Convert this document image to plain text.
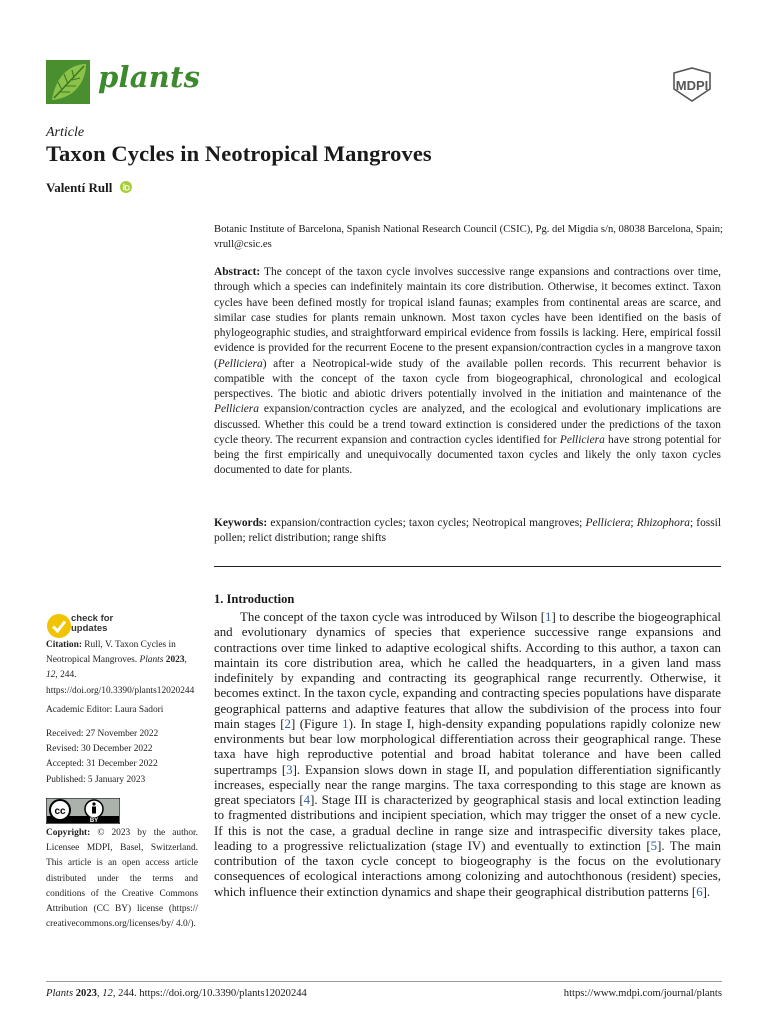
plants	MDPI
Article
Taxon Cycles in Neotropical Mangroves
Valentí Rull
Botanic Institute of Barcelona, Spanish National Research Council (CSIC), Pg. del Migdia s/n, 08038 Barcelona, Spain; vrull@csic.es
Abstract: The concept of the taxon cycle involves successive range expansions and contractions over time, through which a species can indefinitely maintain its core distribution. Otherwise, it becomes extinct. Taxon cycles have been defined mostly for tropical island faunas; examples from continental areas are scarce, and similar case studies for plants remain unknown. Most taxon cycles have been identified on the basis of phylogeographic studies, and straightforward empirical evidence from fossils is lacking. Here, empirical fossil evidence is provided for the recurrent Eocene to the present expansion/contraction cycles in a mangrove taxon (Pelliciera) after a Neotropical-wide study of the available pollen records. This recurrent behavior is compatible with the concept of the taxon cycle from biogeographical, chronological and ecological perspectives. The biotic and abiotic drivers potentially involved in the initiation and maintenance of the Pelliciera expansion/contraction cycles are analyzed, and the ecological and evolutionary implications are discussed. Whether this could be a trend toward extinction is considered under the predictions of the taxon cycle theory. The recurrent expansion and contraction cycles identified for Pelliciera have strong potential for being the first empirically and unequivocally documented taxon cycles and likely the only taxon cycles documented to date for plants.
Keywords: expansion/contraction cycles; taxon cycles; Neotropical mangroves; Pelliciera; Rhizophora; fossil pollen; relict distribution; range shifts
1. Introduction
The concept of the taxon cycle was introduced by Wilson [1] to describe the biogeographical and evolutionary dynamics of species that experience successive range expansions and contractions over time linked to adaptive ecological shifts. According to this author, a taxon can maintain its core distribution area, which he called the headquarters, in a given land mass indefinitely by expanding and contracting its geographical range recurrently. Otherwise, it becomes extinct. In the taxon cycle, expanding and contracting species populations have disparate geographical patterns and adaptive features that allow the subdivision of the process into four main stages [2] (Figure 1). In stage I, high-density expanding populations rapidly colonize new environments but bear low morphological differentiation across their geographical range. These taxa have high reproductive potential and broad habitat tolerance and have been called supertramps [3]. Expansion slows down in stage II, and population differentiation significantly increases, especially near the range margins. The taxa corresponding to this stage are known as great speciators [4]. Stage III is characterized by geographical stasis and local extinction leading to fragmented distributions and incipient speciation, which may trigger the onset of a new cycle. If this is not the case, a gradual decline in range size and intraspecific diversity takes place, leading to a progressive relictualization (stage IV) and eventually to extinction [5]. The main contribution of the taxon cycle concept to biogeography is the focus on the evolutionary consequences of ecological interactions among colonizing and autochthonous (resident) species, which influence their extinction dynamics and shape their geographical distribution patterns [6].
check for
updates
Citation: Rull, V. Taxon Cycles in Neotropical Mangroves. Plants 2023, 12, 244. https://doi.org/10.3390/plants12020244
Academic Editor: Laura Sadori
Received: 27 November 2022
Revised: 30 December 2022
Accepted: 31 December 2022
Published: 5 January 2023
cc
BY
Copyright: © 2023 by the author. Licensee MDPI, Basel, Switzerland. This article is an open access article distributed under the terms and conditions of the Creative Commons Attribution (CC BY) license (https:// creativecommons.org/licenses/by/ 4.0/).
Plants 2023, 12, 244. https://doi.org/10.3390/plants12020244	https://www.mdpi.com/journal/plants
